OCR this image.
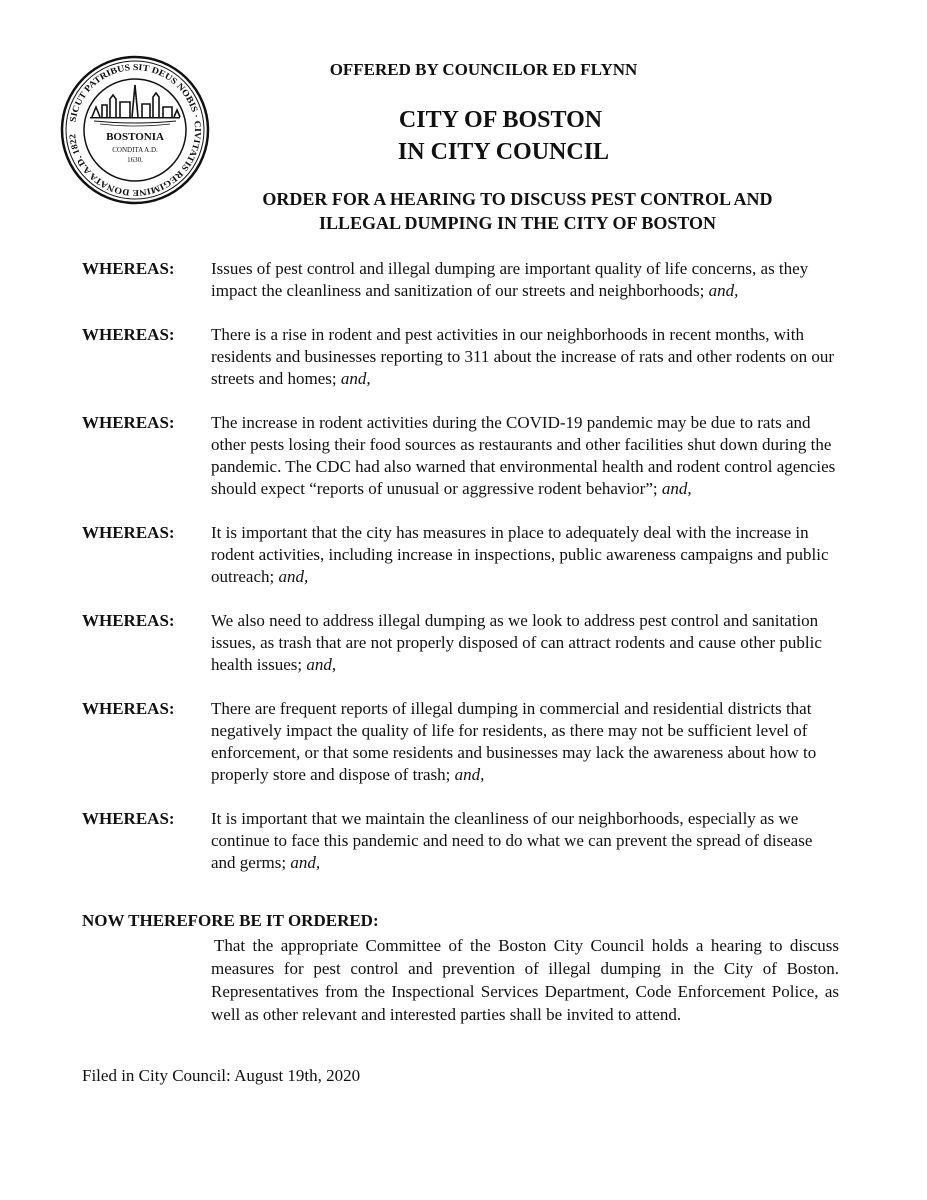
SICUT PATRIBUS SIT DEUS NOBIS · CIVITATIS REGIMINE DONATA A.D. 1822	BOSTONIA
CONDITA A.D.
1630.
OFFERED BY COUNCILOR ED FLYNN
CITY OF BOSTON
IN CITY COUNCIL
ORDER FOR A HEARING TO DISCUSS PEST CONTROL AND
ILLEGAL DUMPING IN THE CITY OF BOSTON
WHEREAS:	Issues of pest control and illegal dumping are important quality of life concerns, as they impact the cleanliness and sanitization of our streets and neighborhoods; and,
WHEREAS:	There is a rise in rodent and pest activities in our neighborhoods in recent months, with residents and businesses reporting to 311 about the increase of rats and other rodents on our streets and homes; and,
WHEREAS:	The increase in rodent activities during the COVID-19 pandemic may be due to rats and other pests losing their food sources as restaurants and other facilities shut down during the pandemic. The CDC had also warned that environmental health and rodent control agencies should expect “reports of unusual or aggressive rodent behavior”; and,
WHEREAS:	It is important that the city has measures in place to adequately deal with the increase in rodent activities, including increase in inspections, public awareness campaigns and public outreach; and,
WHEREAS:	We also need to address illegal dumping as we look to address pest control and sanitation issues, as trash that are not properly disposed of can attract rodents and cause other public health issues; and,
WHEREAS:	There are frequent reports of illegal dumping in commercial and residential districts that negatively impact the quality of life for residents, as there may not be sufficient level of enforcement, or that some residents and businesses may lack the awareness about how to properly store and dispose of trash; and,
WHEREAS:	It is important that we maintain the cleanliness of our neighborhoods, especially as we continue to face this pandemic and need to do what we can prevent the spread of disease and germs; and,
NOW THEREFORE BE IT ORDERED:
That the appropriate Committee of the Boston City Council holds a hearing to discuss measures for pest control and prevention of illegal dumping in the City of Boston. Representatives from the Inspectional Services Department, Code Enforcement Police, as well as other relevant and interested parties shall be invited to attend.
Filed in City Council: August 19th, 2020
